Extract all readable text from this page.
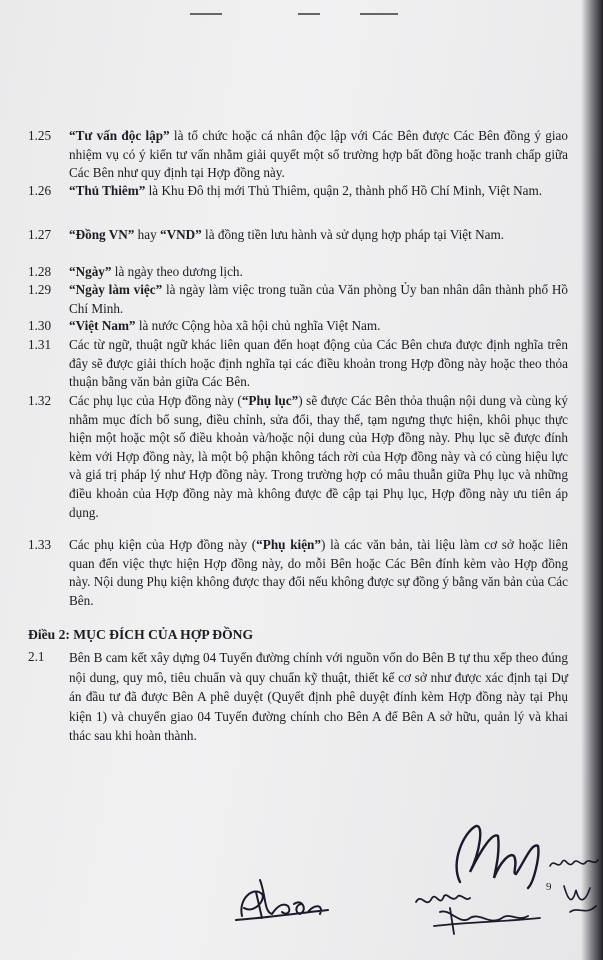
1.25	“Tư vấn độc lập” là tổ chức hoặc cá nhân độc lập với Các Bên được Các Bên đồng ý giao nhiệm vụ có ý kiến tư vấn nhằm giải quyết một số trường hợp bất đồng hoặc tranh chấp giữa Các Bên như quy định tại Hợp đồng này.
1.26	“Thủ Thiêm” là Khu Đô thị mới Thủ Thiêm, quận 2, thành phố Hồ Chí Minh, Việt Nam.
1.27	“Đồng VN” hay “VND” là đồng tiền lưu hành và sử dụng hợp pháp tại Việt Nam.
1.28	“Ngày” là ngày theo dương lịch.
1.29	“Ngày làm việc” là ngày làm việc trong tuần của Văn phòng Ủy ban nhân dân thành phố Hồ Chí Minh.
1.30	“Việt Nam” là nước Cộng hòa xã hội chủ nghĩa Việt Nam.
1.31	Các từ ngữ, thuật ngữ khác liên quan đến hoạt động của Các Bên chưa được định nghĩa trên đây sẽ được giải thích hoặc định nghĩa tại các điều khoản trong Hợp đồng này hoặc theo thỏa thuận bằng văn bản giữa Các Bên.
1.32	Các phụ lục của Hợp đồng này (“Phụ lục”) sẽ được Các Bên thỏa thuận nội dung và cùng ký nhằm mục đích bổ sung, điều chỉnh, sửa đổi, thay thế, tạm ngưng thực hiện, khôi phục thực hiện một hoặc một số điều khoản và/hoặc nội dung của Hợp đồng này. Phụ lục sẽ được đính kèm với Hợp đồng này, là một bộ phận không tách rời của Hợp đồng này và có cùng hiệu lực và giá trị pháp lý như Hợp đồng này. Trong trường hợp có mâu thuẫn giữa Phụ lục và những điều khoản của Hợp đồng này mà không được đề cập tại Phụ lục, Hợp đồng này ưu tiên áp dụng.
1.33	Các phụ kiện của Hợp đồng này (“Phụ kiện”) là các văn bản, tài liệu làm cơ sở hoặc liên quan đến việc thực hiện Hợp đồng này, do mỗi Bên hoặc Các Bên đính kèm vào Hợp đồng này. Nội dung Phụ kiện không được thay đổi nếu không được sự đồng ý bằng văn bản của Các Bên.
Điều 2: MỤC ĐÍCH CỦA HỢP ĐỒNG
2.1	Bên B cam kết xây dựng 04 Tuyến đường chính với nguồn vốn do Bên B tự thu xếp theo đúng nội dung, quy mô, tiêu chuẩn và quy chuẩn kỹ thuật, thiết kế cơ sở như được xác định tại Dự án đầu tư đã được Bên A phê duyệt (Quyết định phê duyệt đính kèm Hợp đồng này tại Phụ kiện 1) và chuyển giao 04 Tuyến đường chính cho Bên A để Bên A sở hữu, quản lý và khai thác sau khi hoàn thành.
9
